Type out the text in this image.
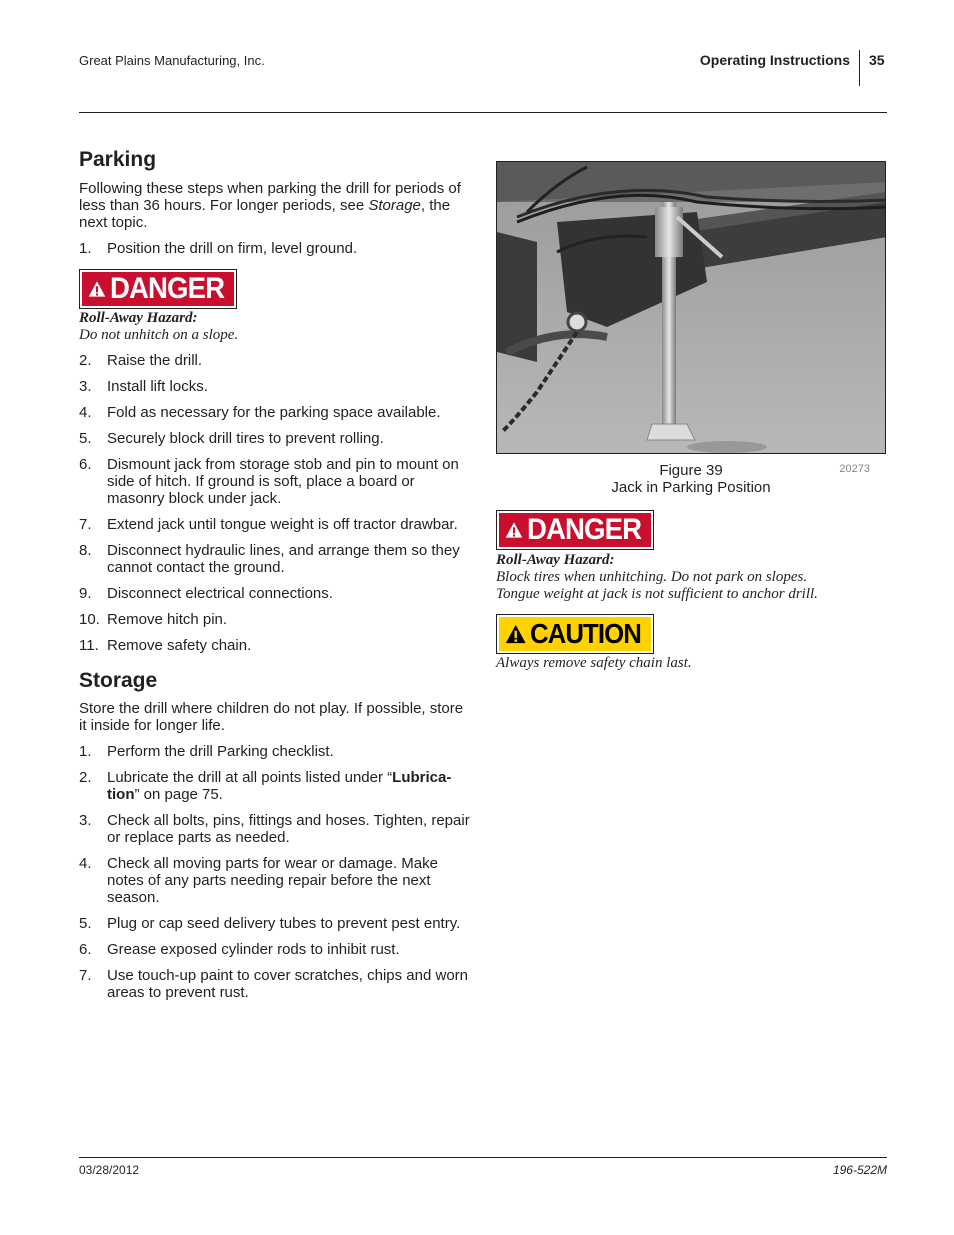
Great Plains Manufacturing, Inc.	Operating Instructions 35
Parking
Following these steps when parking the drill for periods of less than 36 hours. For longer periods, see Storage, the next topic.
1. Position the drill on firm, level ground.
DANGER
Roll-Away Hazard:
Do not unhitch on a slope.
2. Raise the drill.
3. Install lift locks.
4. Fold as necessary for the parking space available.
5. Securely block drill tires to prevent rolling.
6. Dismount jack from storage stob and pin to mount on side of hitch. If ground is soft, place a board or masonry block under jack.
7. Extend jack until tongue weight is off tractor drawbar.
8. Disconnect hydraulic lines, and arrange them so they cannot contact the ground.
9. Disconnect electrical connections.
10. Remove hitch pin.
11. Remove safety chain.
Storage
Store the drill where children do not play. If possible, store it inside for longer life.
1. Perform the drill Parking checklist.
2. Lubricate the drill at all points listed under “Lubrica-tion” on page 75.
3. Check all bolts, pins, fittings and hoses. Tighten, repair or replace parts as needed.
4. Check all moving parts for wear or damage. Make notes of any parts needing repair before the next season.
5. Plug or cap seed delivery tubes to prevent pest entry.
6. Grease exposed cylinder rods to inhibit rust.
7. Use touch-up paint to cover scratches, chips and worn areas to prevent rust.
Figure 39
Jack in Parking Position
20273
DANGER
Roll-Away Hazard:
Block tires when unhitching. Do not park on slopes.
Tongue weight at jack is not sufficient to anchor drill.
CAUTION
Always remove safety chain last.
03/28/2012	196-522M
